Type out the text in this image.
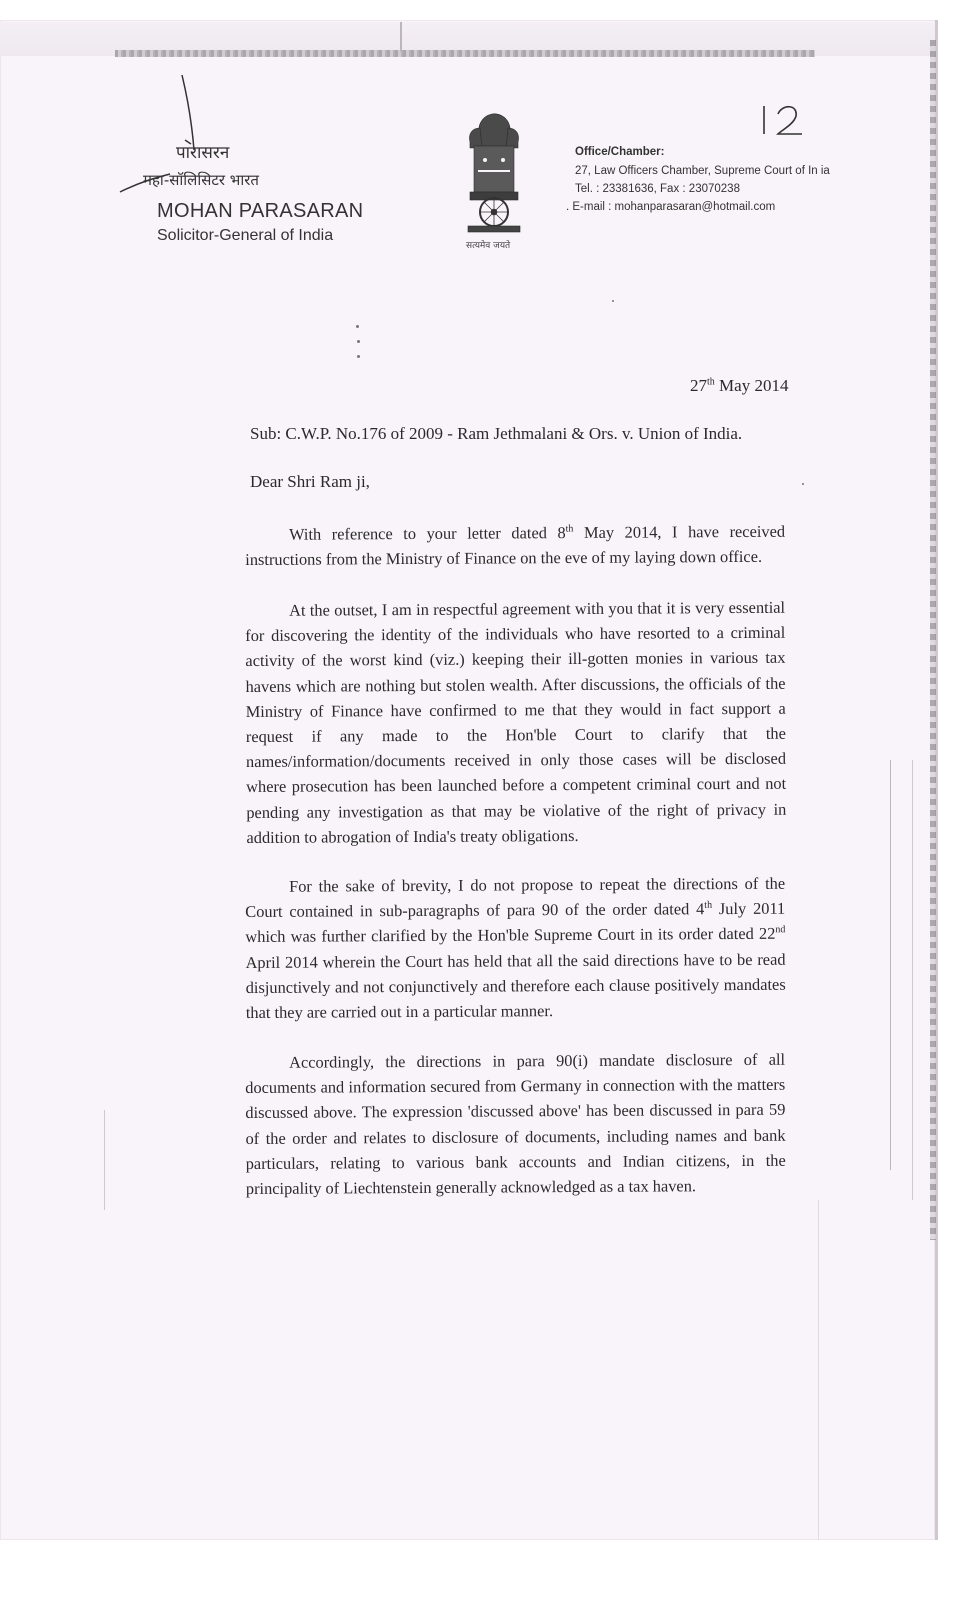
पारासरन
महा-सॉलिसिटर भारत
MOHAN PARASARAN
Solicitor-General of India
सत्यमेव जयते
Office/Chamber:
27, Law Officers Chamber, Supreme Court of In ia
Tel. : 23381636, Fax : 23070238
. E-mail : mohanparasaran@hotmail.com
27th May 2014
Sub: C.W.P. No.176 of 2009 - Ram Jethmalani & Ors. v. Union of India.
Dear Shri Ram ji,
With reference to your letter dated 8th May 2014, I have received instructions from the Ministry of Finance on the eve of my laying down office.
At the outset, I am in respectful agreement with you that it is very essential for discovering the identity of the individuals who have resorted to a criminal activity of the worst kind (viz.) keeping their ill-gotten monies in various tax havens which are nothing but stolen wealth. After discussions, the officials of the Ministry of Finance have confirmed to me that they would in fact support a request if any made to the Hon'ble Court to clarify that the names/information/documents received in only those cases will be disclosed where prosecution has been launched before a competent criminal court and not pending any investigation as that may be violative of the right of privacy in addition to abrogation of India's treaty obligations.
For the sake of brevity, I do not propose to repeat the directions of the Court contained in sub-paragraphs of para 90 of the order dated 4th July 2011 which was further clarified by the Hon'ble Supreme Court in its order dated 22nd April 2014 wherein the Court has held that all the said directions have to be read disjunctively and not conjunctively and therefore each clause positively mandates that they are carried out in a particular manner.
Accordingly, the directions in para 90(i) mandate disclosure of all documents and information secured from Germany in connection with the matters discussed above. The expression 'discussed above' has been discussed in para 59 of the order and relates to disclosure of documents, including names and bank particulars, relating to various bank accounts and Indian citizens, in the principality of Liechtenstein generally acknowledged as a tax haven.
